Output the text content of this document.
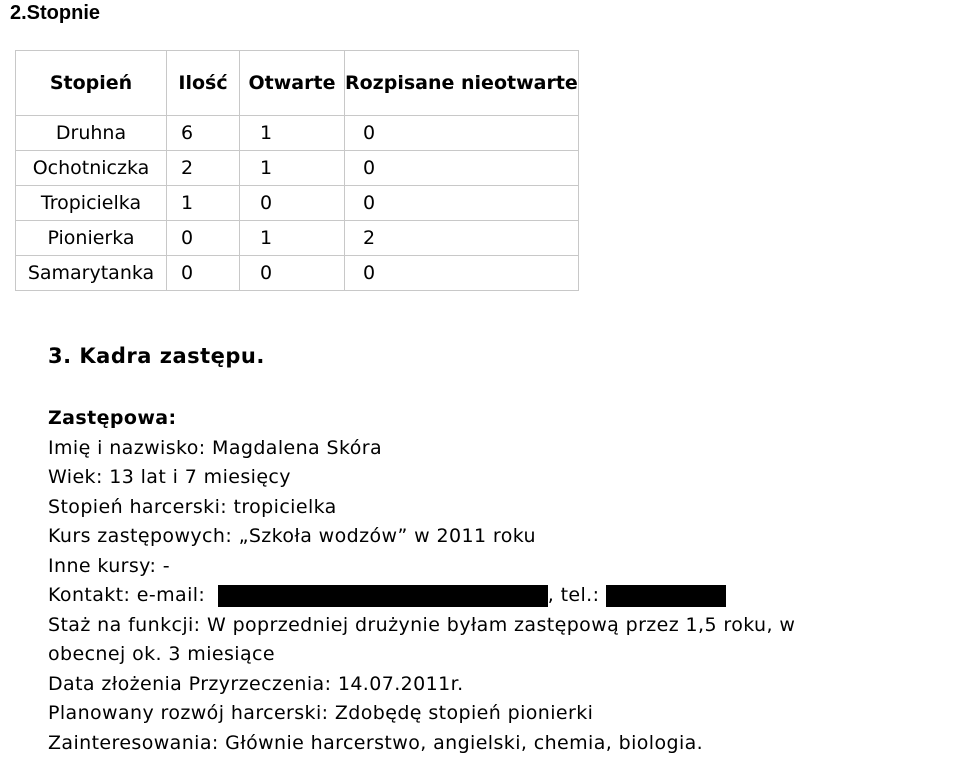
2.Stopnie
Stopień	Ilość	Otwarte	Rozpisane nieotwarte
Druhna	6	1	0
Ochotniczka	2	1	0
Tropicielka	1	0	0
Pionierka	0	1	2
Samarytanka	0	0	0
3. Kadra zastępu.
Zastępowa:
Imię i nazwisko: Magdalena Skóra
Wiek: 13 lat i 7 miesięcy
Stopień harcerski: tropicielka
Kurs zastępowych: „Szkoła wodzów” w 2011 roku
Inne kursy: -
Kontakt: e-mail:	, tel.:
Staż na funkcji: W poprzedniej drużynie byłam zastępową przez 1,5 roku, w
obecnej ok. 3 miesiące
Data złożenia Przyrzeczenia: 14.07.2011r.
Planowany rozwój harcerski: Zdobędę stopień pionierki
Zainteresowania: Głównie harcerstwo, angielski, chemia, biologia.
